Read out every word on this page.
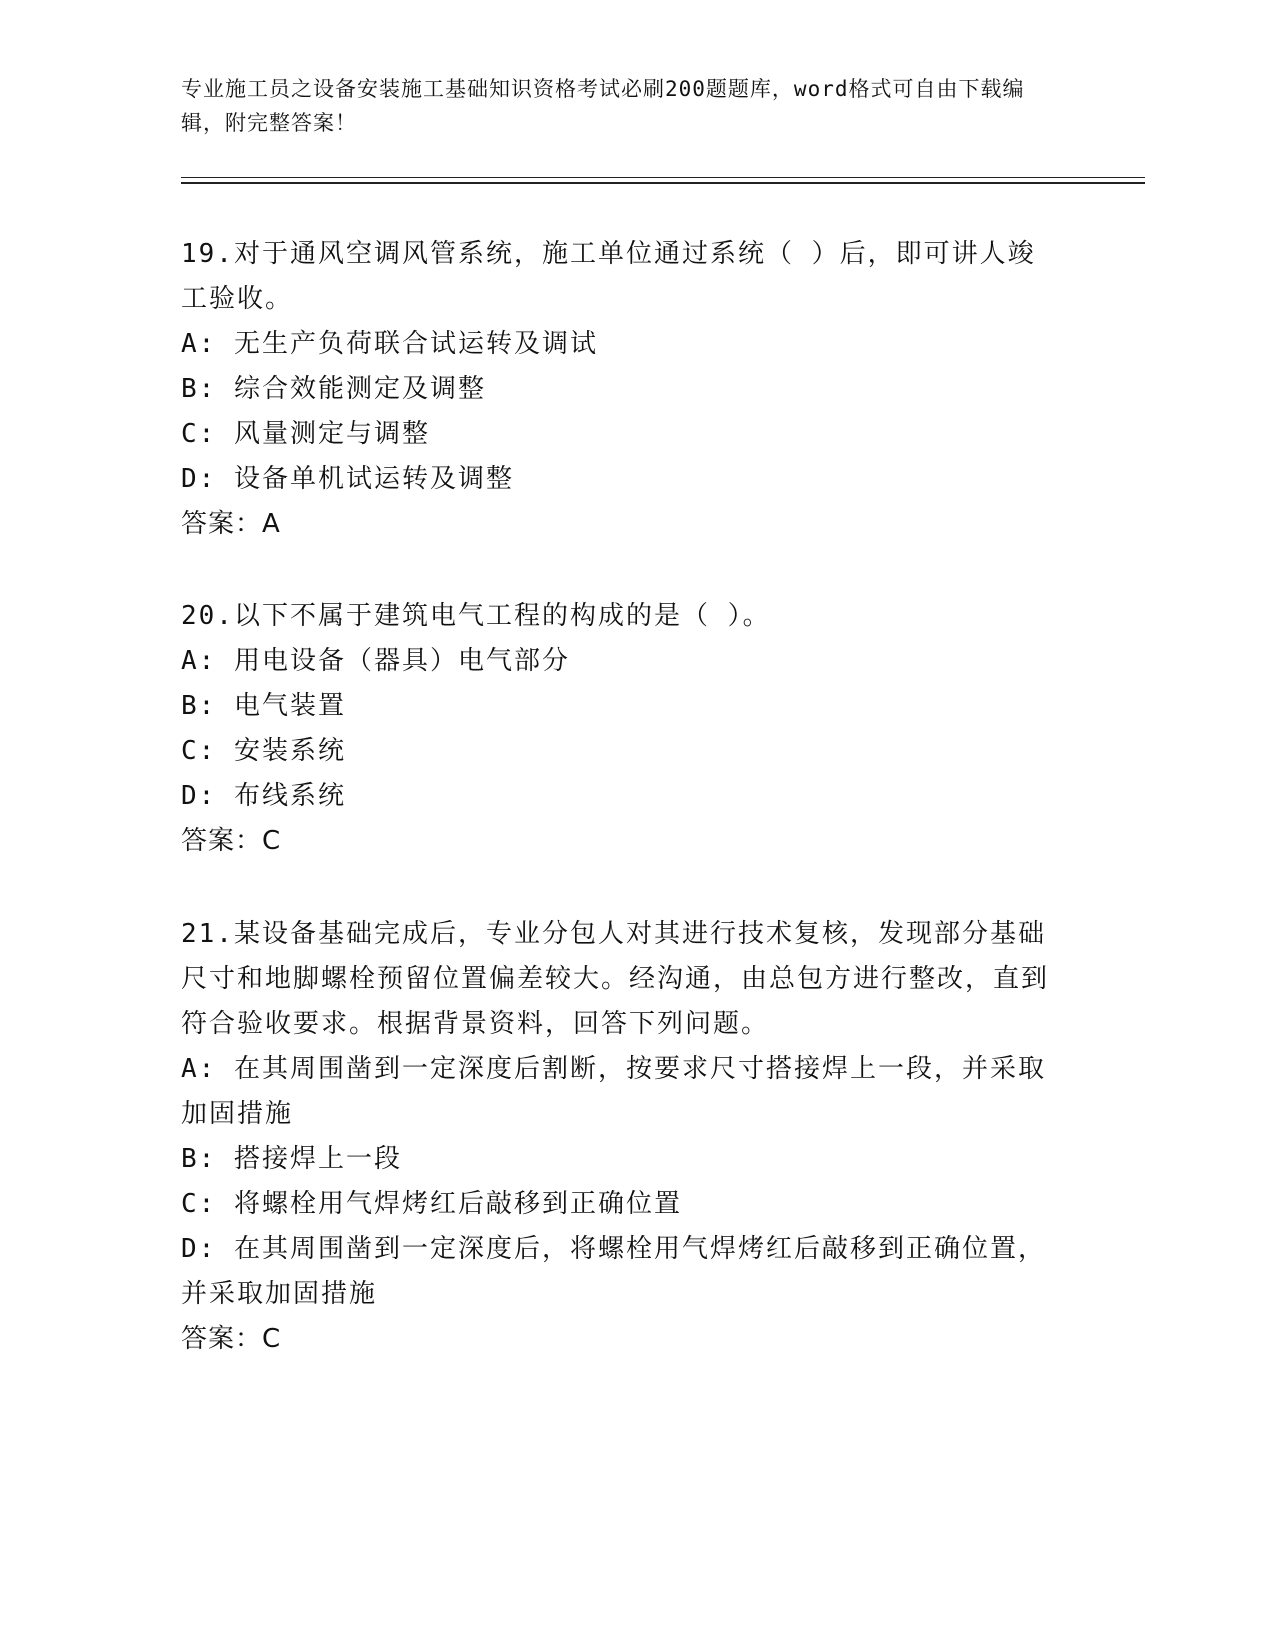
专业施工员之设备安装施工基础知识资格考试必刷200题题库，word格式可自由下载编辑，附完整答案！
19.对于通风空调风管系统，施工单位通过系统（ ）后，即可讲人竣工验收。
A: 无生产负荷联合试运转及调试
B: 综合效能测定及调整
C: 风量测定与调整
D: 设备单机试运转及调整
答案：A
20.以下不属于建筑电气工程的构成的是（ ）。
A: 用电设备（器具）电气部分
B: 电气装置
C: 安装系统
D: 布线系统
答案：C
21.某设备基础完成后，专业分包人对其进行技术复核，发现部分基础尺寸和地脚螺栓预留位置偏差较大。经沟通，由总包方进行整改，直到符合验收要求。根据背景资料，回答下列问题。
A: 在其周围凿到一定深度后割断，按要求尺寸搭接焊上一段，并采取加固措施
B: 搭接焊上一段
C: 将螺栓用气焊烤红后敲移到正确位置
D: 在其周围凿到一定深度后，将螺栓用气焊烤红后敲移到正确位置，并采取加固措施
答案：C
